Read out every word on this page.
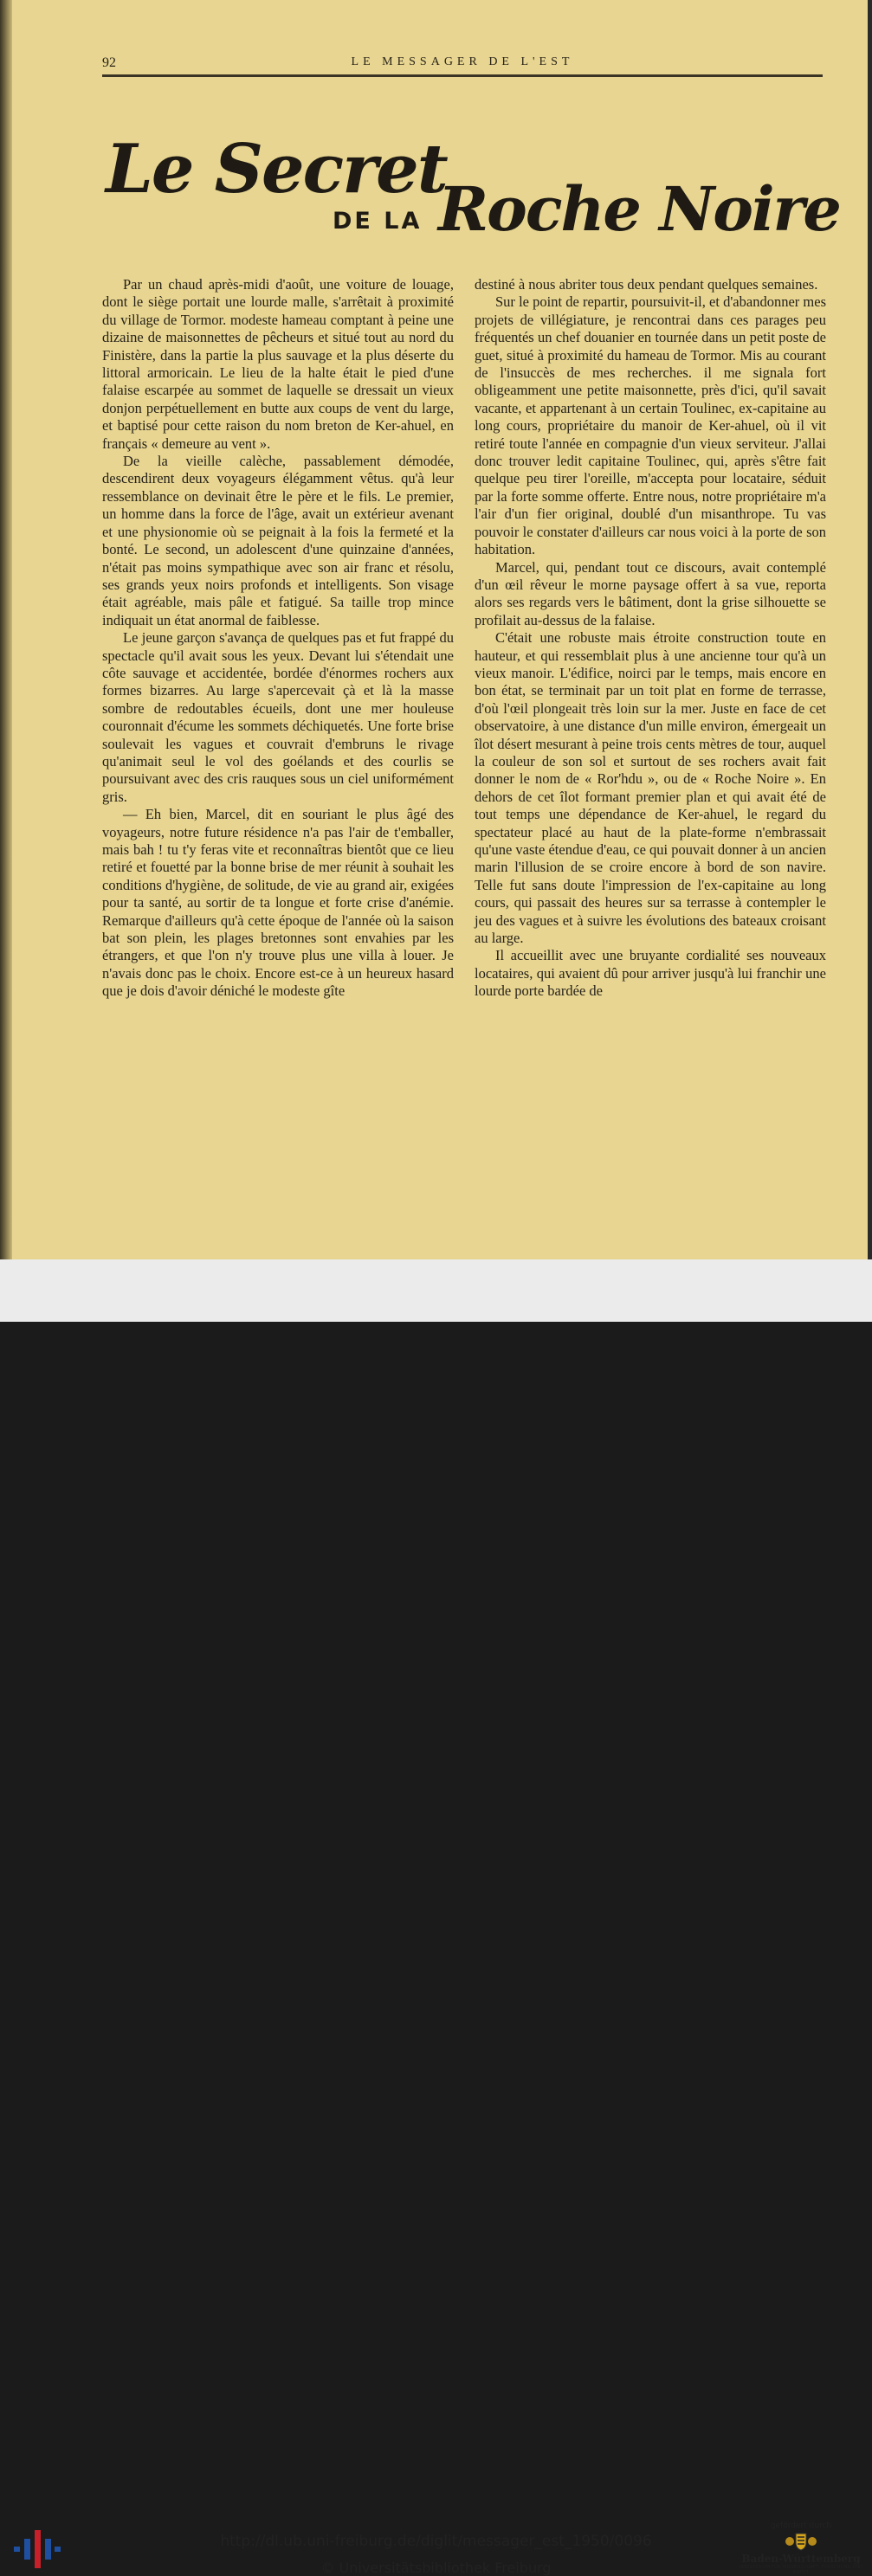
92	LE MESSAGER DE L'EST
Le Secret
DE LA Roche Noire

Par un chaud après-midi d'août, une voiture de louage, dont le siège portait une lourde malle, s'arrêtait à proximité du village de Tormor. modeste hameau comptant à peine une dizaine de maisonnettes de pêcheurs et situé tout au nord du Finistère, dans la partie la plus sauvage et la plus déserte du littoral armoricain. Le lieu de la halte était le pied d'une falaise escarpée au sommet de laquelle se dressait un vieux donjon perpétuellement en butte aux coups de vent du large, et baptisé pour cette raison du nom breton de Ker-ahuel, en français « demeure au vent ».

De la vieille calèche, passablement démodée, descendirent deux voyageurs élégamment vêtus. qu'à leur ressemblance on devinait être le père et le fils. Le premier, un homme dans la force de l'âge, avait un extérieur avenant et une physionomie où se peignait à la fois la fermeté et la bonté. Le second, un adolescent d'une quinzaine d'années, n'était pas moins sympathique avec son air franc et résolu, ses grands yeux noirs profonds et intelligents. Son visage était agréable, mais pâle et fatigué. Sa taille trop mince indiquait un état anormal de faiblesse.

Le jeune garçon s'avança de quelques pas et fut frappé du spectacle qu'il avait sous les yeux. Devant lui s'étendait une côte sauvage et accidentée, bordée d'énormes rochers aux formes bizarres. Au large s'apercevait çà et là la masse sombre de redoutables écueils, dont une mer houleuse couronnait d'écume les sommets déchiquetés. Une forte brise soulevait les vagues et couvrait d'embruns le rivage qu'animait seul le vol des goélands et des courlis se poursuivant avec des cris rauques sous un ciel uniformément gris.

— Eh bien, Marcel, dit en souriant le plus âgé des voyageurs, notre future résidence n'a pas l'air de t'emballer, mais bah ! tu t'y feras vite et reconnaîtras bientôt que ce lieu retiré et fouetté par la bonne brise de mer réunit à souhait les conditions d'hygiène, de solitude, de vie au grand air, exigées pour ta santé, au sortir de ta longue et forte crise d'anémie. Remarque d'ailleurs qu'à cette époque de l'année où la saison bat son plein, les plages bretonnes sont envahies par les étrangers, et que l'on n'y trouve plus une villa à louer. Je n'avais donc pas le choix. Encore est-ce à un heureux hasard que je dois d'avoir déniché le modeste gîte

destiné à nous abriter tous deux pendant quelques semaines.

Sur le point de repartir, poursuivit-il, et d'abandonner mes projets de villégiature, je rencontrai dans ces parages peu fréquentés un chef douanier en tournée dans un petit poste de guet, situé à proximité du hameau de Tormor. Mis au courant de l'insuccès de mes recherches. il me signala fort obligeamment une petite maisonnette, près d'ici, qu'il savait vacante, et appartenant à un certain Toulinec, ex-capitaine au long cours, propriétaire du manoir de Ker-ahuel, où il vit retiré toute l'année en compagnie d'un vieux serviteur. J'allai donc trouver ledit capitaine Toulinec, qui, après s'être fait quelque peu tirer l'oreille, m'accepta pour locataire, séduit par la forte somme offerte. Entre nous, notre propriétaire m'a l'air d'un fier original, doublé d'un misanthrope. Tu vas pouvoir le constater d'ailleurs car nous voici à la porte de son habitation.

Marcel, qui, pendant tout ce discours, avait contemplé d'un œil rêveur le morne paysage offert à sa vue, reporta alors ses regards vers le bâtiment, dont la grise silhouette se profilait au-dessus de la falaise.

C'était une robuste mais étroite construction toute en hauteur, et qui ressemblait plus à une ancienne tour qu'à un vieux manoir. L'édifice, noirci par le temps, mais encore en bon état, se terminait par un toit plat en forme de terrasse, d'où l'œil plongeait très loin sur la mer. Juste en face de cet observatoire, à une distance d'un mille environ, émergeait un îlot désert mesurant à peine trois cents mètres de tour, auquel la couleur de son sol et surtout de ses rochers avait fait donner le nom de « Ror'hdu », ou de « Roche Noire ». En dehors de cet îlot formant premier plan et qui avait été de tout temps une dépendance de Ker-ahuel, le regard du spectateur placé au haut de la plate-forme n'embrassait qu'une vaste étendue d'eau, ce qui pouvait donner à un ancien marin l'illusion de se croire encore à bord de son navire. Telle fut sans doute l'impression de l'ex-capitaine au long cours, qui passait des heures sur sa terrasse à contempler le jeu des vagues et à suivre les évolutions des bateaux croisant au large.

Il accueillit avec une bruyante cordialité ses nouveaux locataires, qui avaient dû pour arriver jusqu'à lui franchir une lourde porte bardée de

http://dl.ub.uni-freiburg.de/diglit/messager_est_1950/0096
© Universitätsbibliothek Freiburg
gefördert durch
Baden-Württemberg
MINISTERIUM FÜR WISSENSCHAFT, FORSCHUNG UND KUNST
